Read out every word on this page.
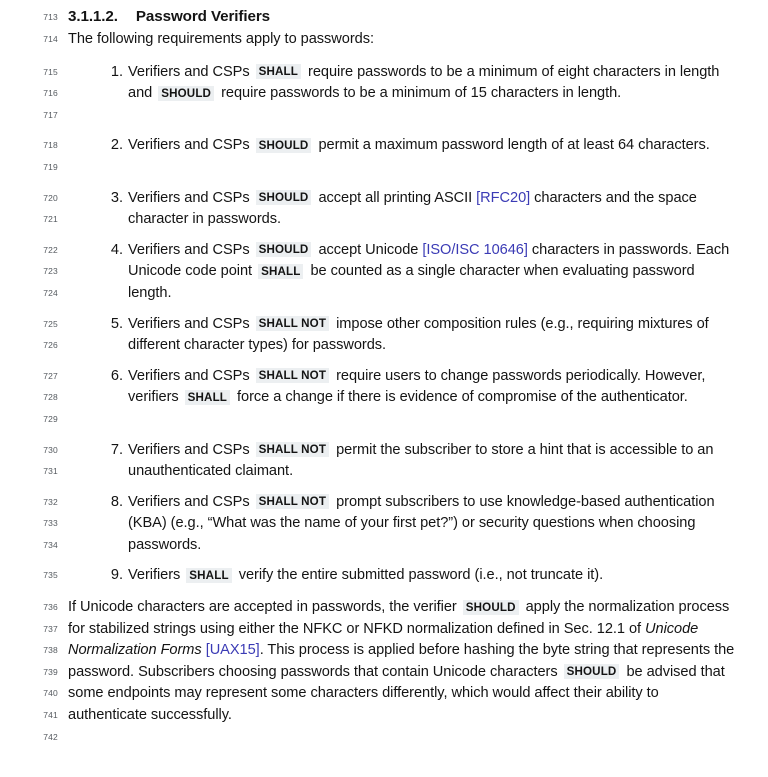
713 3.1.1.2. Password Verifiers
714 The following requirements apply to passwords:
715
716
717
1. Verifiers and CSPs SHALL require passwords to be a minimum of eight characters in length and SHOULD require passwords to be a minimum of 15 characters in length.
718
719
2. Verifiers and CSPs SHOULD permit a maximum password length of at least 64 characters.
720
721
3. Verifiers and CSPs SHOULD accept all printing ASCII [RFC20] characters and the space character in passwords.
722
723
724
4. Verifiers and CSPs SHOULD accept Unicode [ISO/ISC 10646] characters in passwords. Each Unicode code point SHALL be counted as a single character when evaluating password length.
725
726
5. Verifiers and CSPs SHALL NOT impose other composition rules (e.g., requiring mixtures of different character types) for passwords.
727
728
729
6. Verifiers and CSPs SHALL NOT require users to change passwords periodically. However, verifiers SHALL force a change if there is evidence of compromise of the authenticator.
730
731
7. Verifiers and CSPs SHALL NOT permit the subscriber to store a hint that is accessible to an unauthenticated claimant.
732
733
734
8. Verifiers and CSPs SHALL NOT prompt subscribers to use knowledge-based authentication (KBA) (e.g., “What was the name of your first pet?”) or security questions when choosing passwords.
735	9. Verifiers SHALL verify the entire submitted password (i.e., not truncate it).
736
737
738
739
740
741
742
If Unicode characters are accepted in passwords, the verifier SHOULD apply the normalization process for stabilized strings using either the NFKC or NFKD normalization defined in Sec. 12.1 of Unicode Normalization Forms [UAX15]. This process is applied before hashing the byte string that represents the password. Subscribers choosing passwords that contain Unicode characters SHOULD be advised that some endpoints may represent some characters differently, which would affect their ability to authenticate successfully.
